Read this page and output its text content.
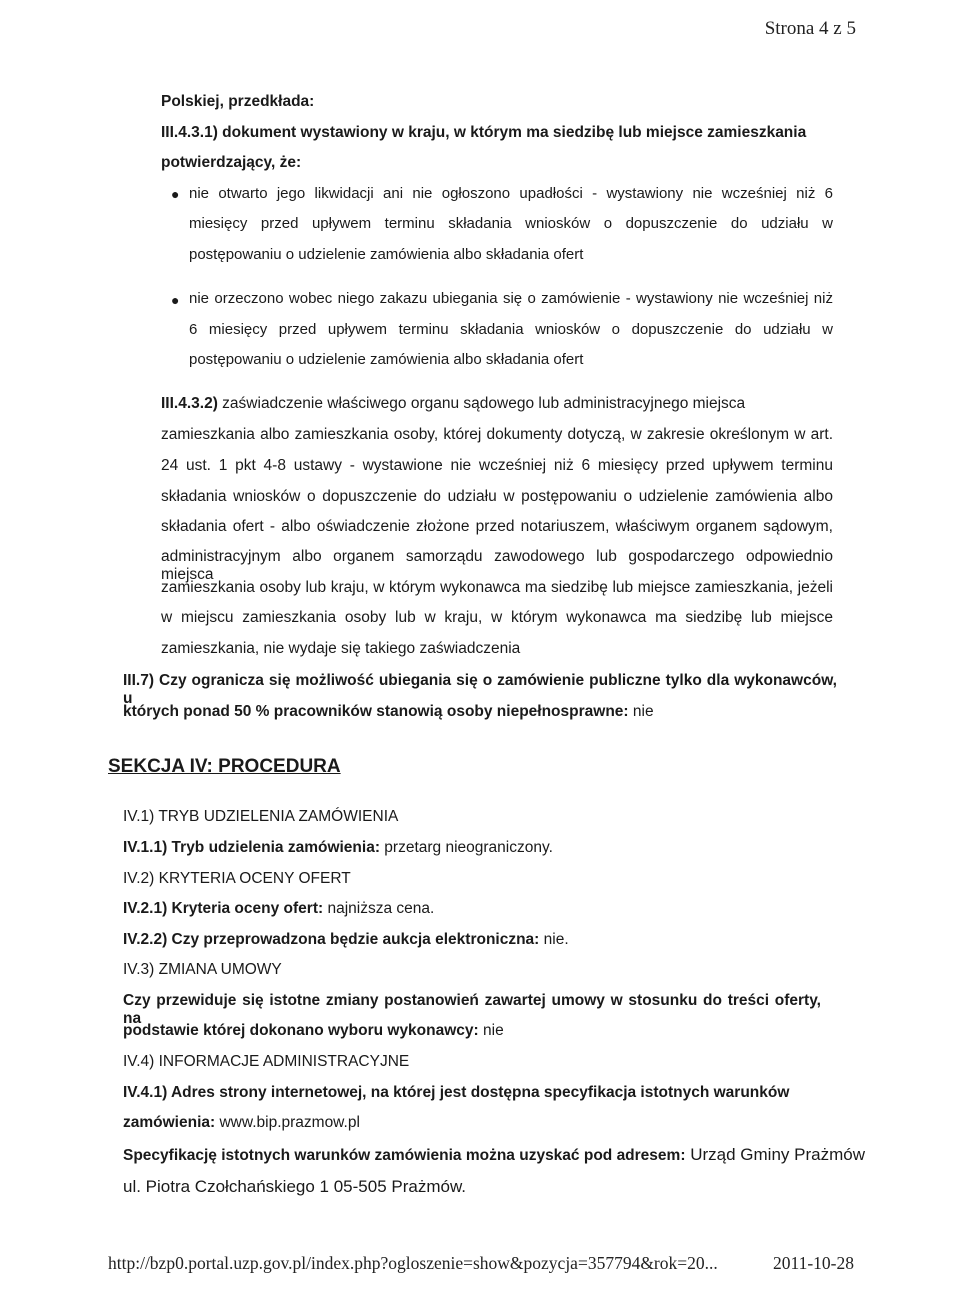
Strona 4 z 5
Polskiej, przedkłada:
III.4.3.1) dokument wystawiony w kraju, w którym ma siedzibę lub miejsce zamieszkania
potwierdzający, że:
● nie otwarto jego likwidacji ani nie ogłoszono upadłości - wystawiony nie wcześniej niż 6
miesięcy przed upływem terminu składania wniosków o dopuszczenie do udziału w
postępowaniu o udzielenie zamówienia albo składania ofert
● nie orzeczono wobec niego zakazu ubiegania się o zamówienie - wystawiony nie wcześniej niż
6 miesięcy przed upływem terminu składania wniosków o dopuszczenie do udziału w
postępowaniu o udzielenie zamówienia albo składania ofert
III.4.3.2) zaświadczenie właściwego organu sądowego lub administracyjnego miejsca
zamieszkania albo zamieszkania osoby, której dokumenty dotyczą, w zakresie określonym w art.
24 ust. 1 pkt 4-8 ustawy - wystawione nie wcześniej niż 6 miesięcy przed upływem terminu
składania wniosków o dopuszczenie do udziału w postępowaniu o udzielenie zamówienia albo
składania ofert - albo oświadczenie złożone przed notariuszem, właściwym organem sądowym,
administracyjnym albo organem samorządu zawodowego lub gospodarczego odpowiednio miejsca
zamieszkania osoby lub kraju, w którym wykonawca ma siedzibę lub miejsce zamieszkania, jeżeli
w miejscu zamieszkania osoby lub w kraju, w którym wykonawca ma siedzibę lub miejsce
zamieszkania, nie wydaje się takiego zaświadczenia
III.7) Czy ogranicza się możliwość ubiegania się o zamówienie publiczne tylko dla wykonawców, u
których ponad 50 % pracowników stanowią osoby niepełnosprawne: nie
SEKCJA IV: PROCEDURA
IV.1) TRYB UDZIELENIA ZAMÓWIENIA
IV.1.1) Tryb udzielenia zamówienia: przetarg nieograniczony.
IV.2) KRYTERIA OCENY OFERT
IV.2.1) Kryteria oceny ofert: najniższa cena.
IV.2.2) Czy przeprowadzona będzie aukcja elektroniczna: nie.
IV.3) ZMIANA UMOWY
Czy przewiduje się istotne zmiany postanowień zawartej umowy w stosunku do treści oferty, na
podstawie której dokonano wyboru wykonawcy: nie
IV.4) INFORMACJE ADMINISTRACYJNE
IV.4.1) Adres strony internetowej, na której jest dostępna specyfikacja istotnych warunków
zamówienia: www.bip.prazmow.pl
Specyfikację istotnych warunków zamówienia można uzyskać pod adresem: Urząd Gminy Prażmów
ul. Piotra Czołchańskiego 1 05-505 Prażmów.
http://bzp0.portal.uzp.gov.pl/index.php?ogloszenie=show&pozycja=357794&rok=20...	2011-10-28
